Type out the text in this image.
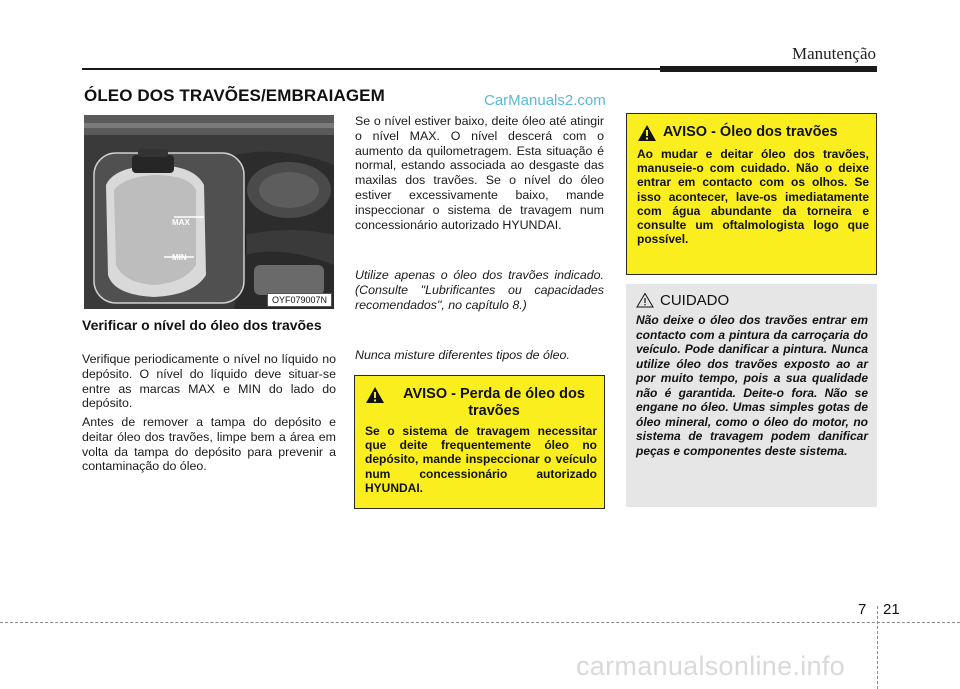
Manutenção
ÓLEO DOS TRAVÕES/EMBRAIAGEM	CarManuals2.com
MAX
MIN
OYF079007N
Verificar o nível do óleo dos travões
Verifique periodicamente o nível no líquido no depósito. O nível do líquido deve situar-se entre as marcas MAX e MIN do lado do depósito.
Antes de remover a tampa do depósito e deitar óleo dos travões, limpe bem a área em volta da tampa do depósito para prevenir a contaminação do óleo.
Se o nível estiver baixo, deite óleo até atingir o nível MAX. O nível descerá com o aumento da quilometragem. Esta situação é normal, estando associada ao desgaste das maxilas dos travões. Se o nível do óleo estiver excessivamente baixo, mande inspeccionar o sistema de travagem num concessionário autorizado HYUNDAI.
Utilize apenas o óleo dos travões indicado. (Consulte "Lubrificantes ou capacidades recomendados", no capítulo 8.)
Nunca misture diferentes tipos de óleo.
AVISO - Perda de óleo dos travões
Se o sistema de travagem necessitar que deite frequentemente óleo no depósito, mande inspeccionar o veículo num concessionário autorizado HYUNDAI.
AVISO - Óleo dos travões
Ao mudar e deitar óleo dos travões, manuseie-o com cuidado. Não o deixe entrar em contacto com os olhos. Se isso acontecer, lave-os imediatamente com água abundante da torneira e consulte um oftalmologista logo que possível.
CUIDADO
Não deixe o óleo dos travões entrar em contacto com a pintura da carroçaria do veículo. Pode danificar a pintura. Nunca utilize óleo dos travões exposto ao ar por muito tempo, pois a sua qualidade não é garantida. Deite-o fora. Não se engane no óleo. Umas simples gotas de óleo mineral, como o óleo do motor, no sistema de travagem podem danificar peças e componentes deste sistema.
7 21
carmanualsonline.info
